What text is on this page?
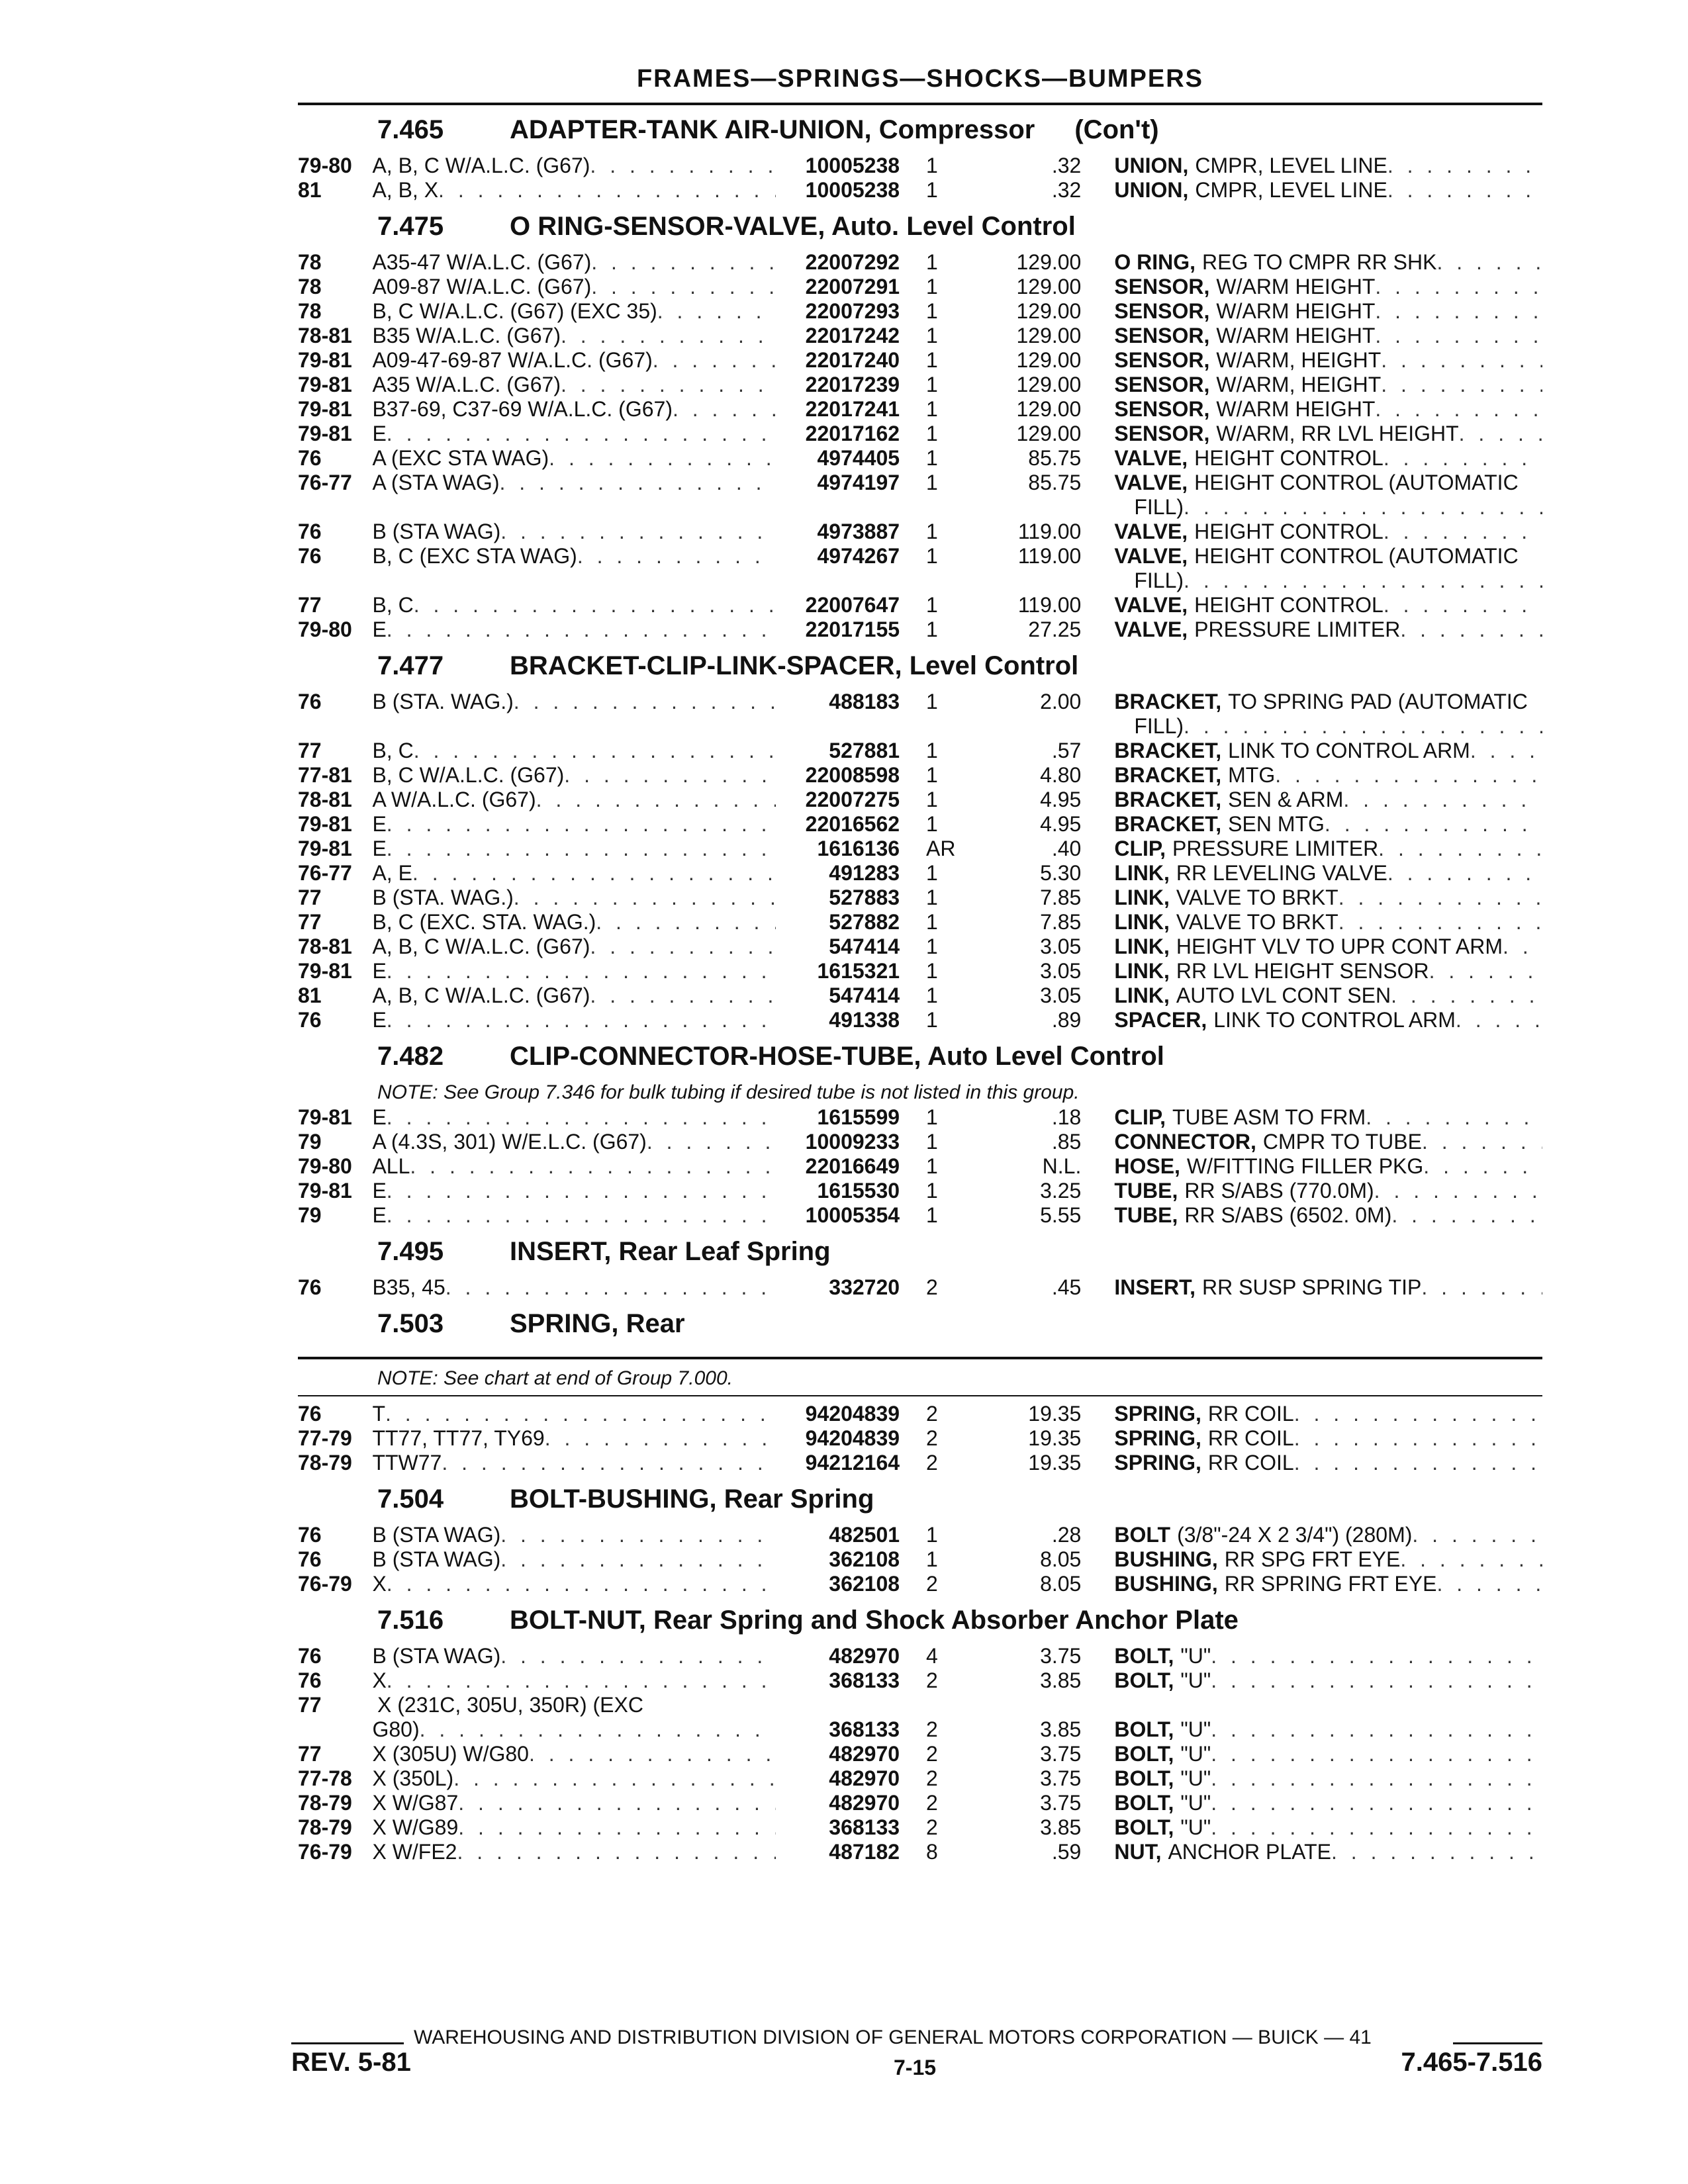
FRAMES—SPRINGS—SHOCKS—BUMPERS
7.465 ADAPTER-TANK AIR-UNION, Compressor (Con't)
79-80 A, B, C W/A.L.C. (G67) . . .	10005238	1	.32	UNION, CMPR, LEVEL LINE
. . .
81	A, B, X . . .	10005238	1	.32	UNION, CMPR, LEVEL LINE
. . .
7.475 O RING-SENSOR-VALVE, Auto. Level Control
78	A35-47 W/A.L.C. (G67) . . .	22007292	1	129.00	O RING, REG TO CMPR RR SHK
. . .
78	A09-87 W/A.L.C. (G67) . . .	22007291	1	129.00	SENSOR, W/ARM HEIGHT
. . .
78	B, C W/A.L.C. (G67) (EXC 35) . . .	22007293	1	129.00	SENSOR, W/ARM HEIGHT
. . .
78-81 B35 W/A.L.C. (G67) . . .	22017242	1	129.00	SENSOR, W/ARM HEIGHT
. . .
79-81 A09-47-69-87 W/A.L.C. (G67) . . .	22017240	1	129.00	SENSOR, W/ARM, HEIGHT
. . .
79-81 A35 W/A.L.C. (G67) . . .	22017239	1	129.00	SENSOR, W/ARM, HEIGHT
. . .
79-81 B37-69, C37-69 W/A.L.C. (G67) . . .	22017241	1	129.00	SENSOR, W/ARM HEIGHT
. . .
79-81 E . . .	22017162	1	129.00	SENSOR, W/ARM, RR LVL HEIGHT
. . .
76	A (EXC STA WAG) . . .	4974405	1	85.75	VALVE, HEIGHT CONTROL
. . .
76-77 A (STA WAG) . . .	4974197	1	85.75	VALVE, HEIGHT CONTROL (AUTOMATIC
FILL)
. . .
76	B (STA WAG) . . .	4973887	1	119.00	VALVE, HEIGHT CONTROL
. . .
76	B, C (EXC STA WAG) . . .	4974267	1	119.00	VALVE, HEIGHT CONTROL (AUTOMATIC
FILL)
. . .
77	B, C . . .	22007647	1	119.00	VALVE, HEIGHT CONTROL
. . .
79-80 E . . .	22017155	1	27.25	VALVE, PRESSURE LIMITER
. . .
7.477 BRACKET-CLIP-LINK-SPACER, Level Control
76	B (STA. WAG.) . . .	488183	1	2.00	BRACKET, TO SPRING PAD (AUTOMATIC
FILL)
. . .
77	B, C . . .	527881	1	.57	BRACKET, LINK TO CONTROL ARM
. . .
77-81 B, C W/A.L.C. (G67) . . .	22008598	1	4.80	BRACKET, MTG
. . .
78-81 A W/A.L.C. (G67) . . .	22007275	1	4.95	BRACKET, SEN & ARM
. . .
79-81 E . . .	22016562	1	4.95	BRACKET, SEN MTG
. . .
79-81 E . . .	1616136	AR	.40	CLIP, PRESSURE LIMITER
. . .
76-77 A, E . . .	491283	1	5.30	LINK, RR LEVELING VALVE
. . .
77	B (STA. WAG.) . . .	527883	1	7.85	LINK, VALVE TO BRKT
. . .
77	B, C (EXC. STA. WAG.) . . .	527882	1	7.85	LINK, VALVE TO BRKT
. . .
78-81 A, B, C W/A.L.C. (G67) . . .	547414	1	3.05	LINK, HEIGHT VLV TO UPR CONT ARM
. . .
79-81 E . . .	1615321	1	3.05	LINK, RR LVL HEIGHT SENSOR
. . .
81	A, B, C W/A.L.C. (G67) . . .	547414	1	3.05	LINK, AUTO LVL CONT SEN
. . .
76	E . . .	491338	1	.89	SPACER, LINK TO CONTROL ARM
. . .
7.482 CLIP-CONNECTOR-HOSE-TUBE, Auto Level Control
NOTE: See Group 7.346 for bulk tubing if desired tube is not listed in this group.
79-81 E . . .	1615599	1	.18	CLIP, TUBE ASM TO FRM
. . .
79	A (4.3S, 301) W/E.L.C. (G67) . . .	10009233	1	.85	CONNECTOR, CMPR TO TUBE
. . .
79-80 ALL . . .	22016649	1	N.L.	HOSE, W/FITTING FILLER PKG
. . .
79-81 E . . .	1615530	1	3.25	TUBE, RR S/ABS (770.0M)
. . .
79	E . . .	10005354	1	5.55	TUBE, RR S/ABS (6502. 0M)
. . .
7.495 INSERT, Rear Leaf Spring
76	B35, 45 . . .	332720	2	.45	INSERT, RR SUSP SPRING TIP
. . .
7.503 SPRING, Rear
NOTE: See chart at end of Group 7.000.
76	T . . .	94204839	2	19.35	SPRING, RR COIL
. . .
77-79 TT77, TT77, TY69 . . .	94204839	2	19.35	SPRING, RR COIL
. . .
78-79 TTW77 . . .	94212164	2	19.35	SPRING, RR COIL
. . .
7.504 BOLT-BUSHING, Rear Spring
76	B (STA WAG) . . .	482501	1	.28	BOLT (3/8"-24 X 2 3/4") (280M)
. . .
76	B (STA WAG) . . .	362108	1	8.05	BUSHING, RR SPG FRT EYE
. . .
76-79 X . . .	362108	2	8.05	BUSHING, RR SPRING FRT EYE
. . .
7.516 BOLT-NUT, Rear Spring and Shock Absorber Anchor Plate
76	B (STA WAG) . . .	482970	4	3.75	BOLT, "U"
. . .
76	X . . .	368133	2	3.85	BOLT, "U"
. . .
77	X (231C, 305U, 350R) (EXC
G80) . . .	368133	2	3.85	BOLT, "U"
. . .
77	X (305U) W/G80 . . .	482970	2	3.75	BOLT, "U"
. . .
77-78 X (350L) . . .	482970	2	3.75	BOLT, "U"
. . .
78-79 X W/G87 . . .	482970	2	3.75	BOLT, "U"
. . .
78-79 X W/G89 . . .	368133	2	3.85	BOLT, "U"
. . .
76-79 X W/FE2 . . .	487182	8	.59	NUT, ANCHOR PLATE
. . .
WAREHOUSING AND DISTRIBUTION DIVISION OF GENERAL MOTORS CORPORATION — BUICK — 41
REV. 5-81	7-15	7.465-7.516
